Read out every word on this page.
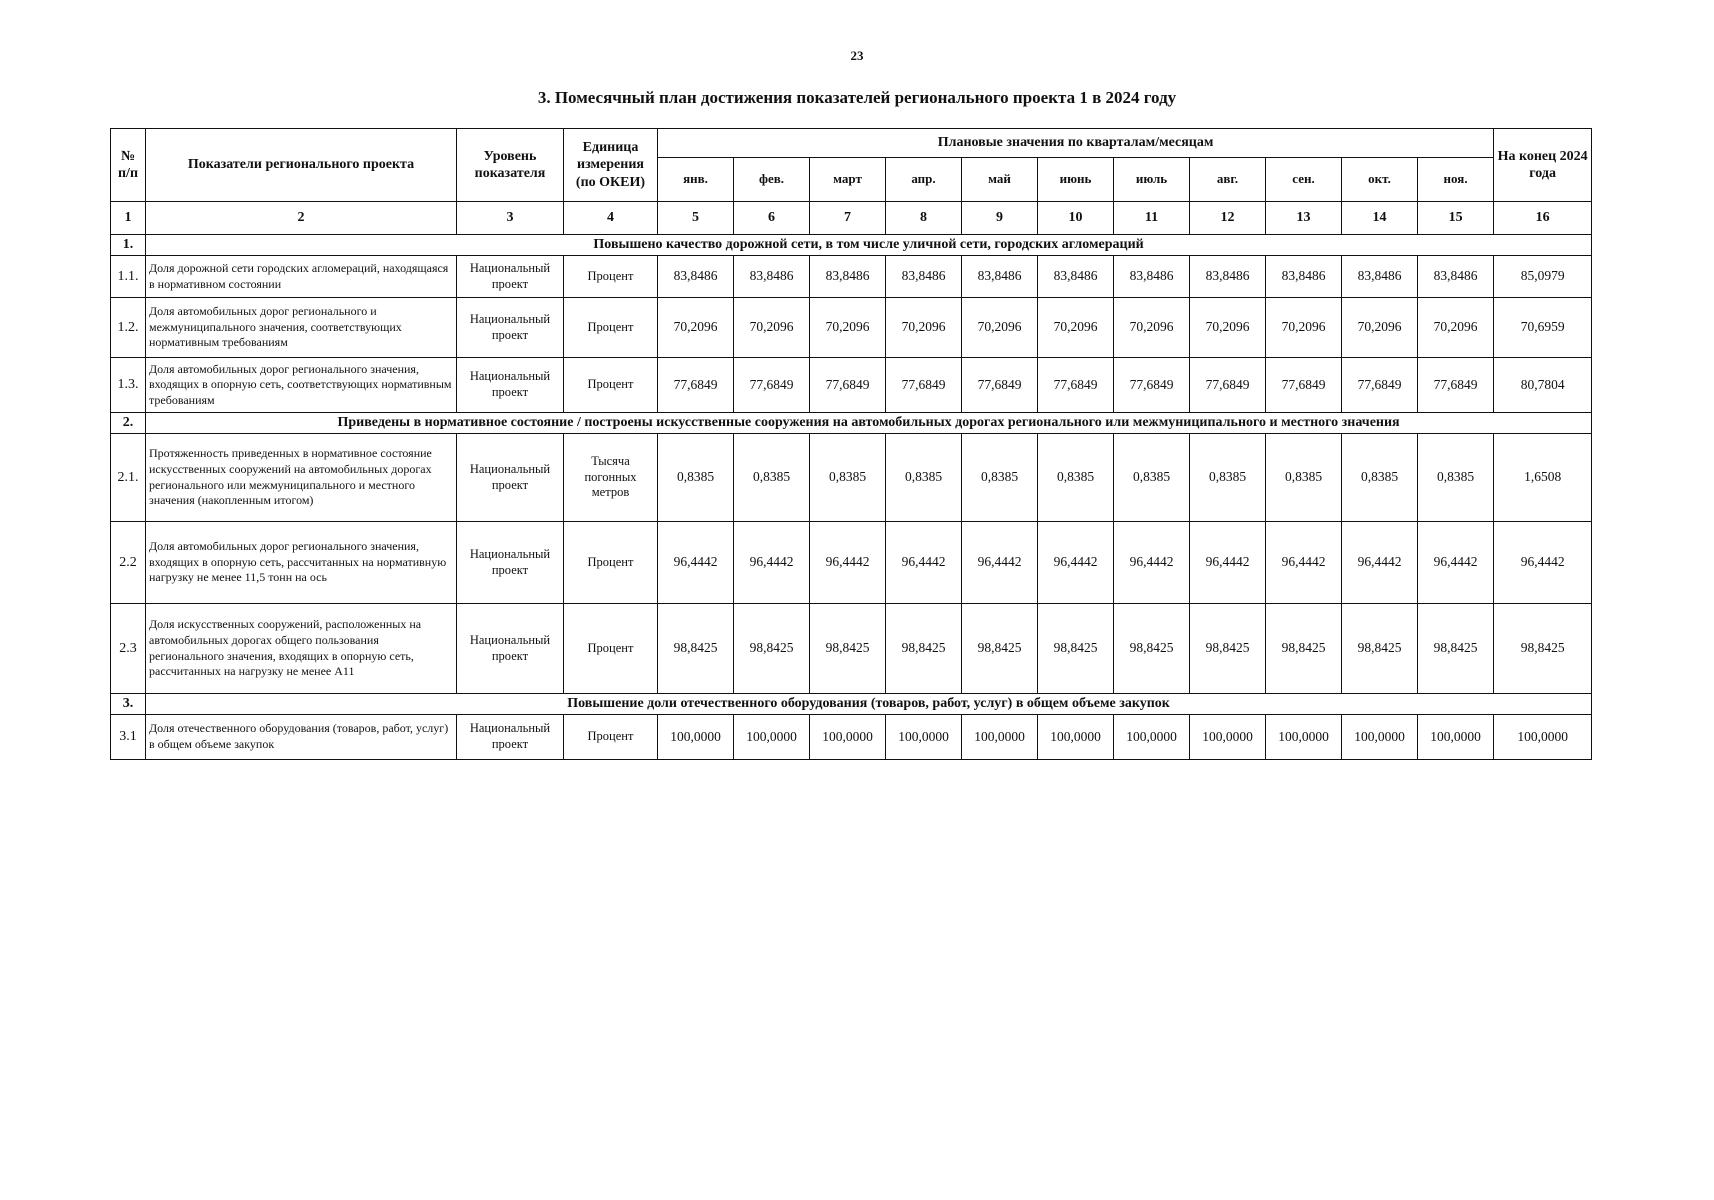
23
3. Помесячный план достижения показателей регионального проекта 1 в 2024 году
№ п/п	Показатели регионального проекта	Уровень показателя	Единица измерения (по ОКЕИ)	Плановые значения по кварталам/месяцам											На конец 2024 года
				янв.	фев.	март	апр.	май	июнь	июль	авг.	сен.	окт.	ноя.	
1	2	3	4	5	6	7	8	9	10	11	12	13	14	15	16
1.	Повышено качество дорожной сети, в том числе уличной сети, городских агломераций														
1.1.	Доля дорожной сети городских агломераций, находящаяся в нормативном состоянии	Национальный проект	Процент	83,8486	83,8486	83,8486	83,8486	83,8486	83,8486	83,8486	83,8486	83,8486	83,8486	83,8486	85,0979
1.2.	Доля автомобильных дорог регионального и межмуниципального значения, соответствующих нормативным требованиям	Национальный проект	Процент	70,2096	70,2096	70,2096	70,2096	70,2096	70,2096	70,2096	70,2096	70,2096	70,2096	70,2096	70,6959
1.3.	Доля автомобильных дорог регионального значения, входящих в опорную сеть, соответствующих нормативным требованиям	Национальный проект	Процент	77,6849	77,6849	77,6849	77,6849	77,6849	77,6849	77,6849	77,6849	77,6849	77,6849	77,6849	80,7804
2.	Приведены в нормативное состояние / построены искусственные сооружения на автомобильных дорогах регионального или межмуниципального и местного значения														
2.1.	Протяженность приведенных в нормативное состояние искусственных сооружений на автомобильных дорогах регионального или межмуниципального и местного значения (накопленным итогом)	Национальный проект	Тысяча погонных метров	0,8385	0,8385	0,8385	0,8385	0,8385	0,8385	0,8385	0,8385	0,8385	0,8385	0,8385	1,6508
2.2	Доля автомобильных дорог регионального значения, входящих в опорную сеть, рассчитанных на нормативную нагрузку не менее 11,5 тонн на ось	Национальный проект	Процент	96,4442	96,4442	96,4442	96,4442	96,4442	96,4442	96,4442	96,4442	96,4442	96,4442	96,4442	96,4442
2.3	Доля искусственных сооружений, расположенных на автомобильных дорогах общего пользования регионального значения, входящих в опорную сеть, рассчитанных на нагрузку не менее А11	Национальный проект	Процент	98,8425	98,8425	98,8425	98,8425	98,8425	98,8425	98,8425	98,8425	98,8425	98,8425	98,8425	98,8425
3.	Повышение доли отечественного оборудования (товаров, работ, услуг) в общем объеме закупок														
3.1	Доля отечественного оборудования (товаров, работ, услуг) в общем объеме закупок	Национальный проект	Процент	100,0000	100,0000	100,0000	100,0000	100,0000	100,0000	100,0000	100,0000	100,0000	100,0000	100,0000	100,0000
